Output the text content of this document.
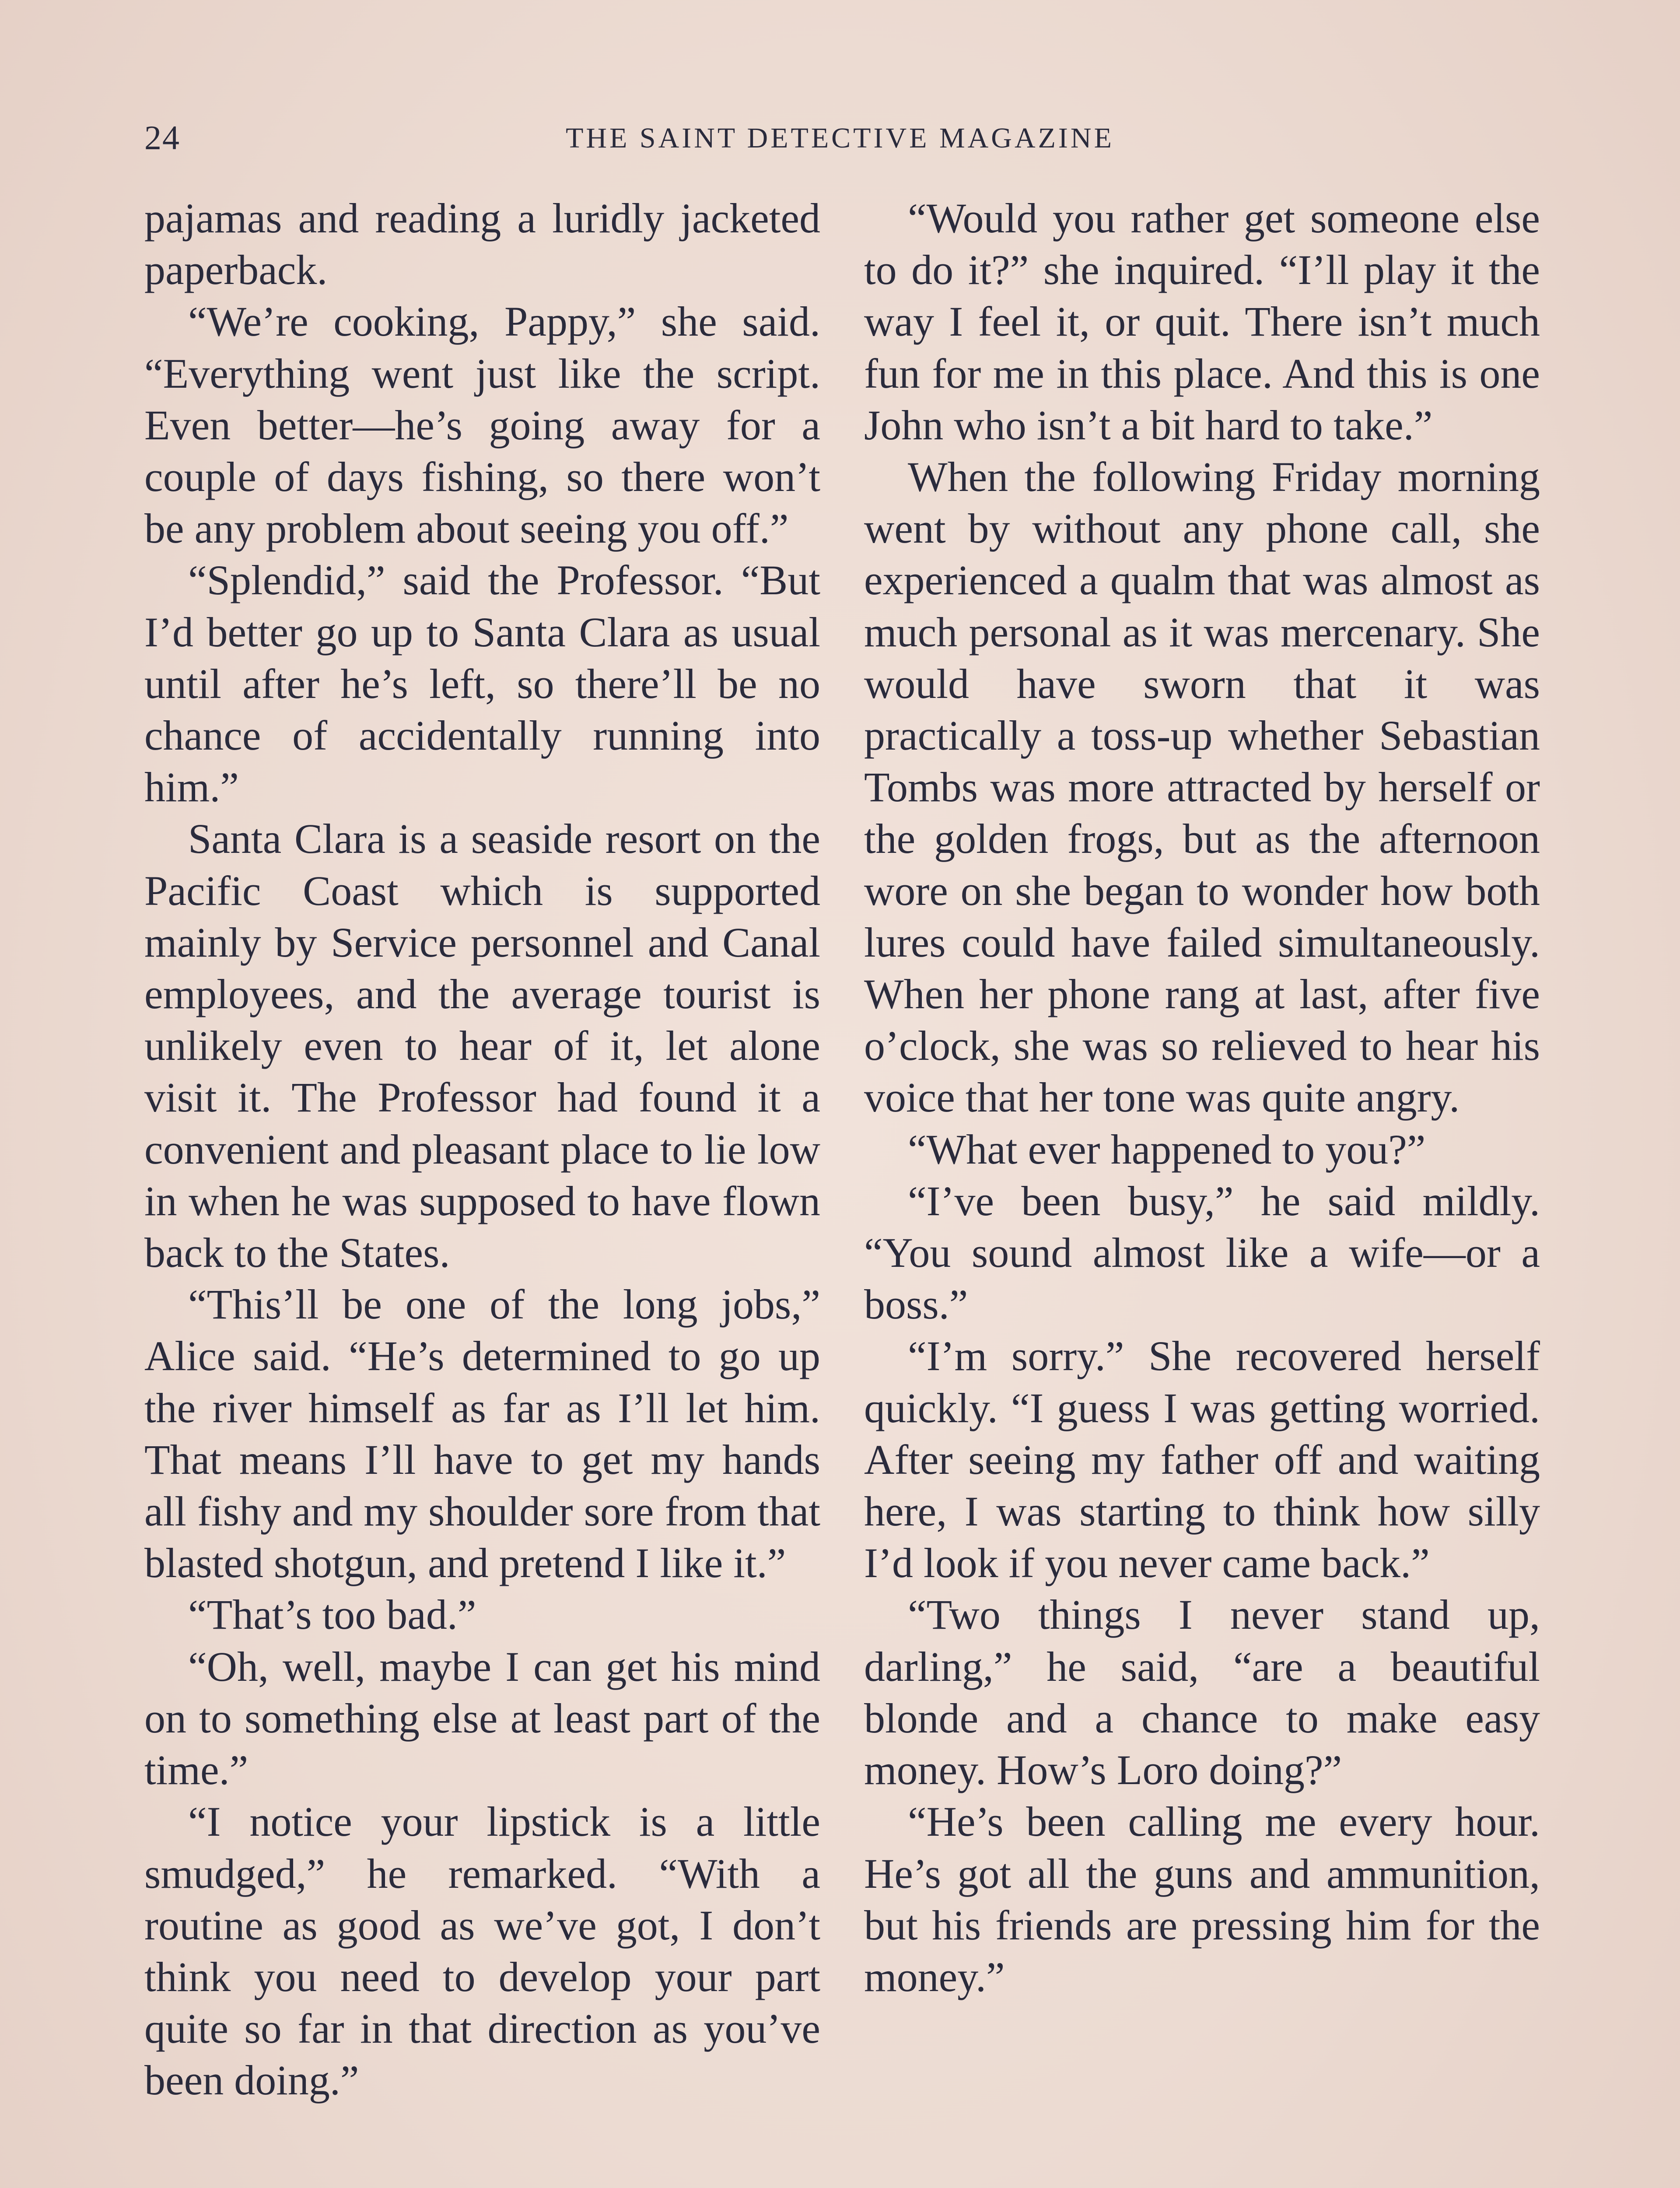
24	THE SAINT DETECTIVE MAGAZINE

pajamas and reading a luridly jacketed paperback.

“We’re cooking, Pappy,” she said. “Everything went just like the script. Even better—he’s going away for a couple of days fishing, so there won’t be any problem about seeing you off.”

“Splendid,” said the Professor. “But I’d better go up to Santa Clara as usual until after he’s left, so there’ll be no chance of accidentally running into him.”

Santa Clara is a seaside resort on the Pacific Coast which is supported mainly by Service personnel and Canal employees, and the average tourist is unlikely even to hear of it, let alone visit it. The Professor had found it a convenient and pleasant place to lie low in when he was supposed to have flown back to the States.

“This’ll be one of the long jobs,” Alice said. “He’s determined to go up the river himself as far as I’ll let him. That means I’ll have to get my hands all fishy and my shoulder sore from that blasted shotgun, and pretend I like it.”

“That’s too bad.”

“Oh, well, maybe I can get his mind on to something else at least part of the time.”

“I notice your lipstick is a little smudged,” he remarked. “With a routine as good as we’ve got, I don’t think you need to develop your part quite so far in that direction as you’ve been doing.”

“Would you rather get someone else to do it?” she inquired. “I’ll play it the way I feel it, or quit. There isn’t much fun for me in this place. And this is one John who isn’t a bit hard to take.”

When the following Friday morning went by without any phone call, she experienced a qualm that was almost as much personal as it was mercenary. She would have sworn that it was practically a toss-up whether Sebastian Tombs was more attracted by herself or the golden frogs, but as the afternoon wore on she began to wonder how both lures could have failed simultaneously. When her phone rang at last, after five o’clock, she was so relieved to hear his voice that her tone was quite angry.

“What ever happened to you?”

“I’ve been busy,” he said mildly. “You sound almost like a wife—or a boss.”

“I’m sorry.” She recovered herself quickly. “I guess I was getting worried. After seeing my father off and waiting here, I was starting to think how silly I’d look if you never came back.”

“Two things I never stand up, darling,” he said, “are a beautiful blonde and a chance to make easy money. How’s Loro doing?”

“He’s been calling me every hour. He’s got all the guns and ammunition, but his friends are pressing him for the money.”
